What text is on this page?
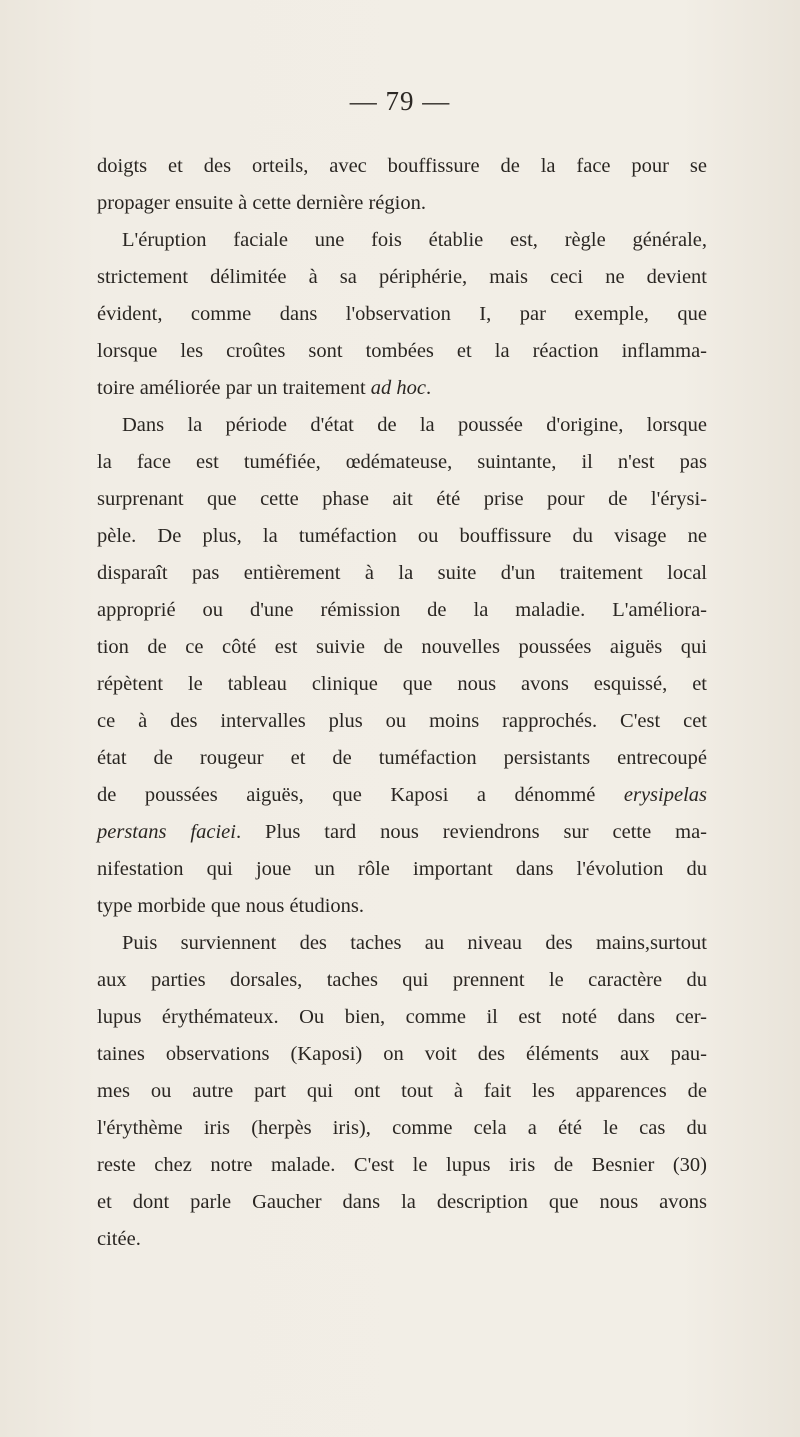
— 79 —
doigts et des orteils, avec bouffissure de la face pour se
propager ensuite à cette dernière région.
L'éruption faciale une fois établie est, règle générale,
strictement délimitée à sa périphérie, mais ceci ne devient
évident, comme dans l'observation I, par exemple, que
lorsque les croûtes sont tombées et la réaction inflamma-
toire améliorée par un traitement ad hoc.
Dans la période d'état de la poussée d'origine, lorsque
la face est tuméfiée, œdémateuse, suintante, il n'est pas
surprenant que cette phase ait été prise pour de l'érysi-
pèle. De plus, la tuméfaction ou bouffissure du visage ne
disparaît pas entièrement à la suite d'un traitement local
approprié ou d'une rémission de la maladie. L'améliora-
tion de ce côté est suivie de nouvelles poussées aiguës qui
répètent le tableau clinique que nous avons esquissé, et
ce à des intervalles plus ou moins rapprochés. C'est cet
état de rougeur et de tuméfaction persistants entrecoupé
de poussées aiguës, que Kaposi a dénommé erysipelas
perstans faciei. Plus tard nous reviendrons sur cette ma-
nifestation qui joue un rôle important dans l'évolution du
type morbide que nous étudions.
Puis surviennent des taches au niveau des mains,surtout
aux parties dorsales, taches qui prennent le caractère du
lupus érythémateux. Ou bien, comme il est noté dans cer-
taines observations (Kaposi) on voit des éléments aux pau-
mes ou autre part qui ont tout à fait les apparences de
l'érythème iris (herpès iris), comme cela a été le cas du
reste chez notre malade. C'est le lupus iris de Besnier (30)
et dont parle Gaucher dans la description que nous avons
citée.
